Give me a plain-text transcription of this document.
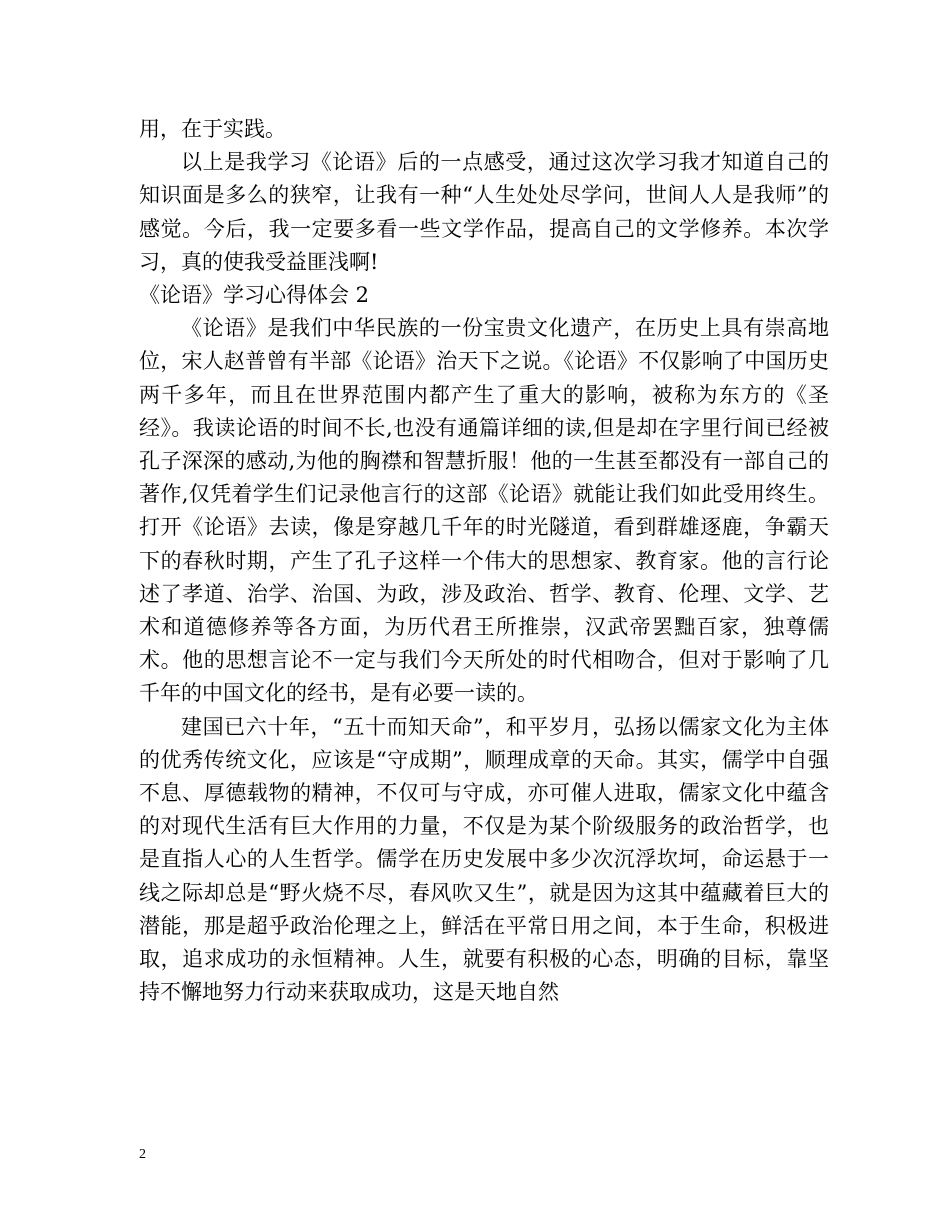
用，在于实践。

以上是我学习《论语》后的一点感受，通过这次学习我才知道自己的知识面是多么的狭窄，让我有一种“人生处处尽学问，世间人人是我师”的感觉。今后，我一定要多看一些文学作品，提高自己的文学修养。本次学习，真的使我受益匪浅啊!

《论语》学习心得体会 2

《论语》是我们中华民族的一份宝贵文化遗产，在历史上具有崇高地位，宋人赵普曾有半部《论语》治天下之说。《论语》不仅影响了中国历史两千多年，而且在世界范围内都产生了重大的影响，被称为东方的《圣经》。我读论语的时间不长,也没有通篇详细的读,但是却在字里行间已经被孔子深深的感动,为他的胸襟和智慧折服！他的一生甚至都没有一部自己的著作,仅凭着学生们记录他言行的这部《论语》就能让我们如此受用终生。 打开《论语》去读，像是穿越几千年的时光隧道，看到群雄逐鹿，争霸天下的春秋时期，产生了孔子这样一个伟大的思想家、教育家。他的言行论述了孝道、治学、治国、为政，涉及政治、哲学、教育、伦理、文学、艺术和道德修养等各方面，为历代君王所推崇，汉武帝罢黜百家，独尊儒术。他的思想言论不一定与我们今天所处的时代相吻合，但对于影响了几千年的中国文化的经书，是有必要一读的。

建国已六十年，“五十而知天命”，和平岁月，弘扬以儒家文化为主体的优秀传统文化，应该是“守成期”，顺理成章的天命。其实，儒学中自强不息、厚德载物的精神，不仅可与守成，亦可催人进取，儒家文化中蕴含的对现代生活有巨大作用的力量，不仅是为某个阶级服务的政治哲学，也是直指人心的人生哲学。儒学在历史发展中多少次沉浮坎坷，命运悬于一线之际却总是“野火烧不尽，春风吹又生”，就是因为这其中蕴藏着巨大的潜能，那是超乎政治伦理之上，鲜活在平常日用之间，本于生命，积极进取，追求成功的永恒精神。人生，就要有积极的心态，明确的目标，靠坚持不懈地努力行动来获取成功，这是天地自然

2
